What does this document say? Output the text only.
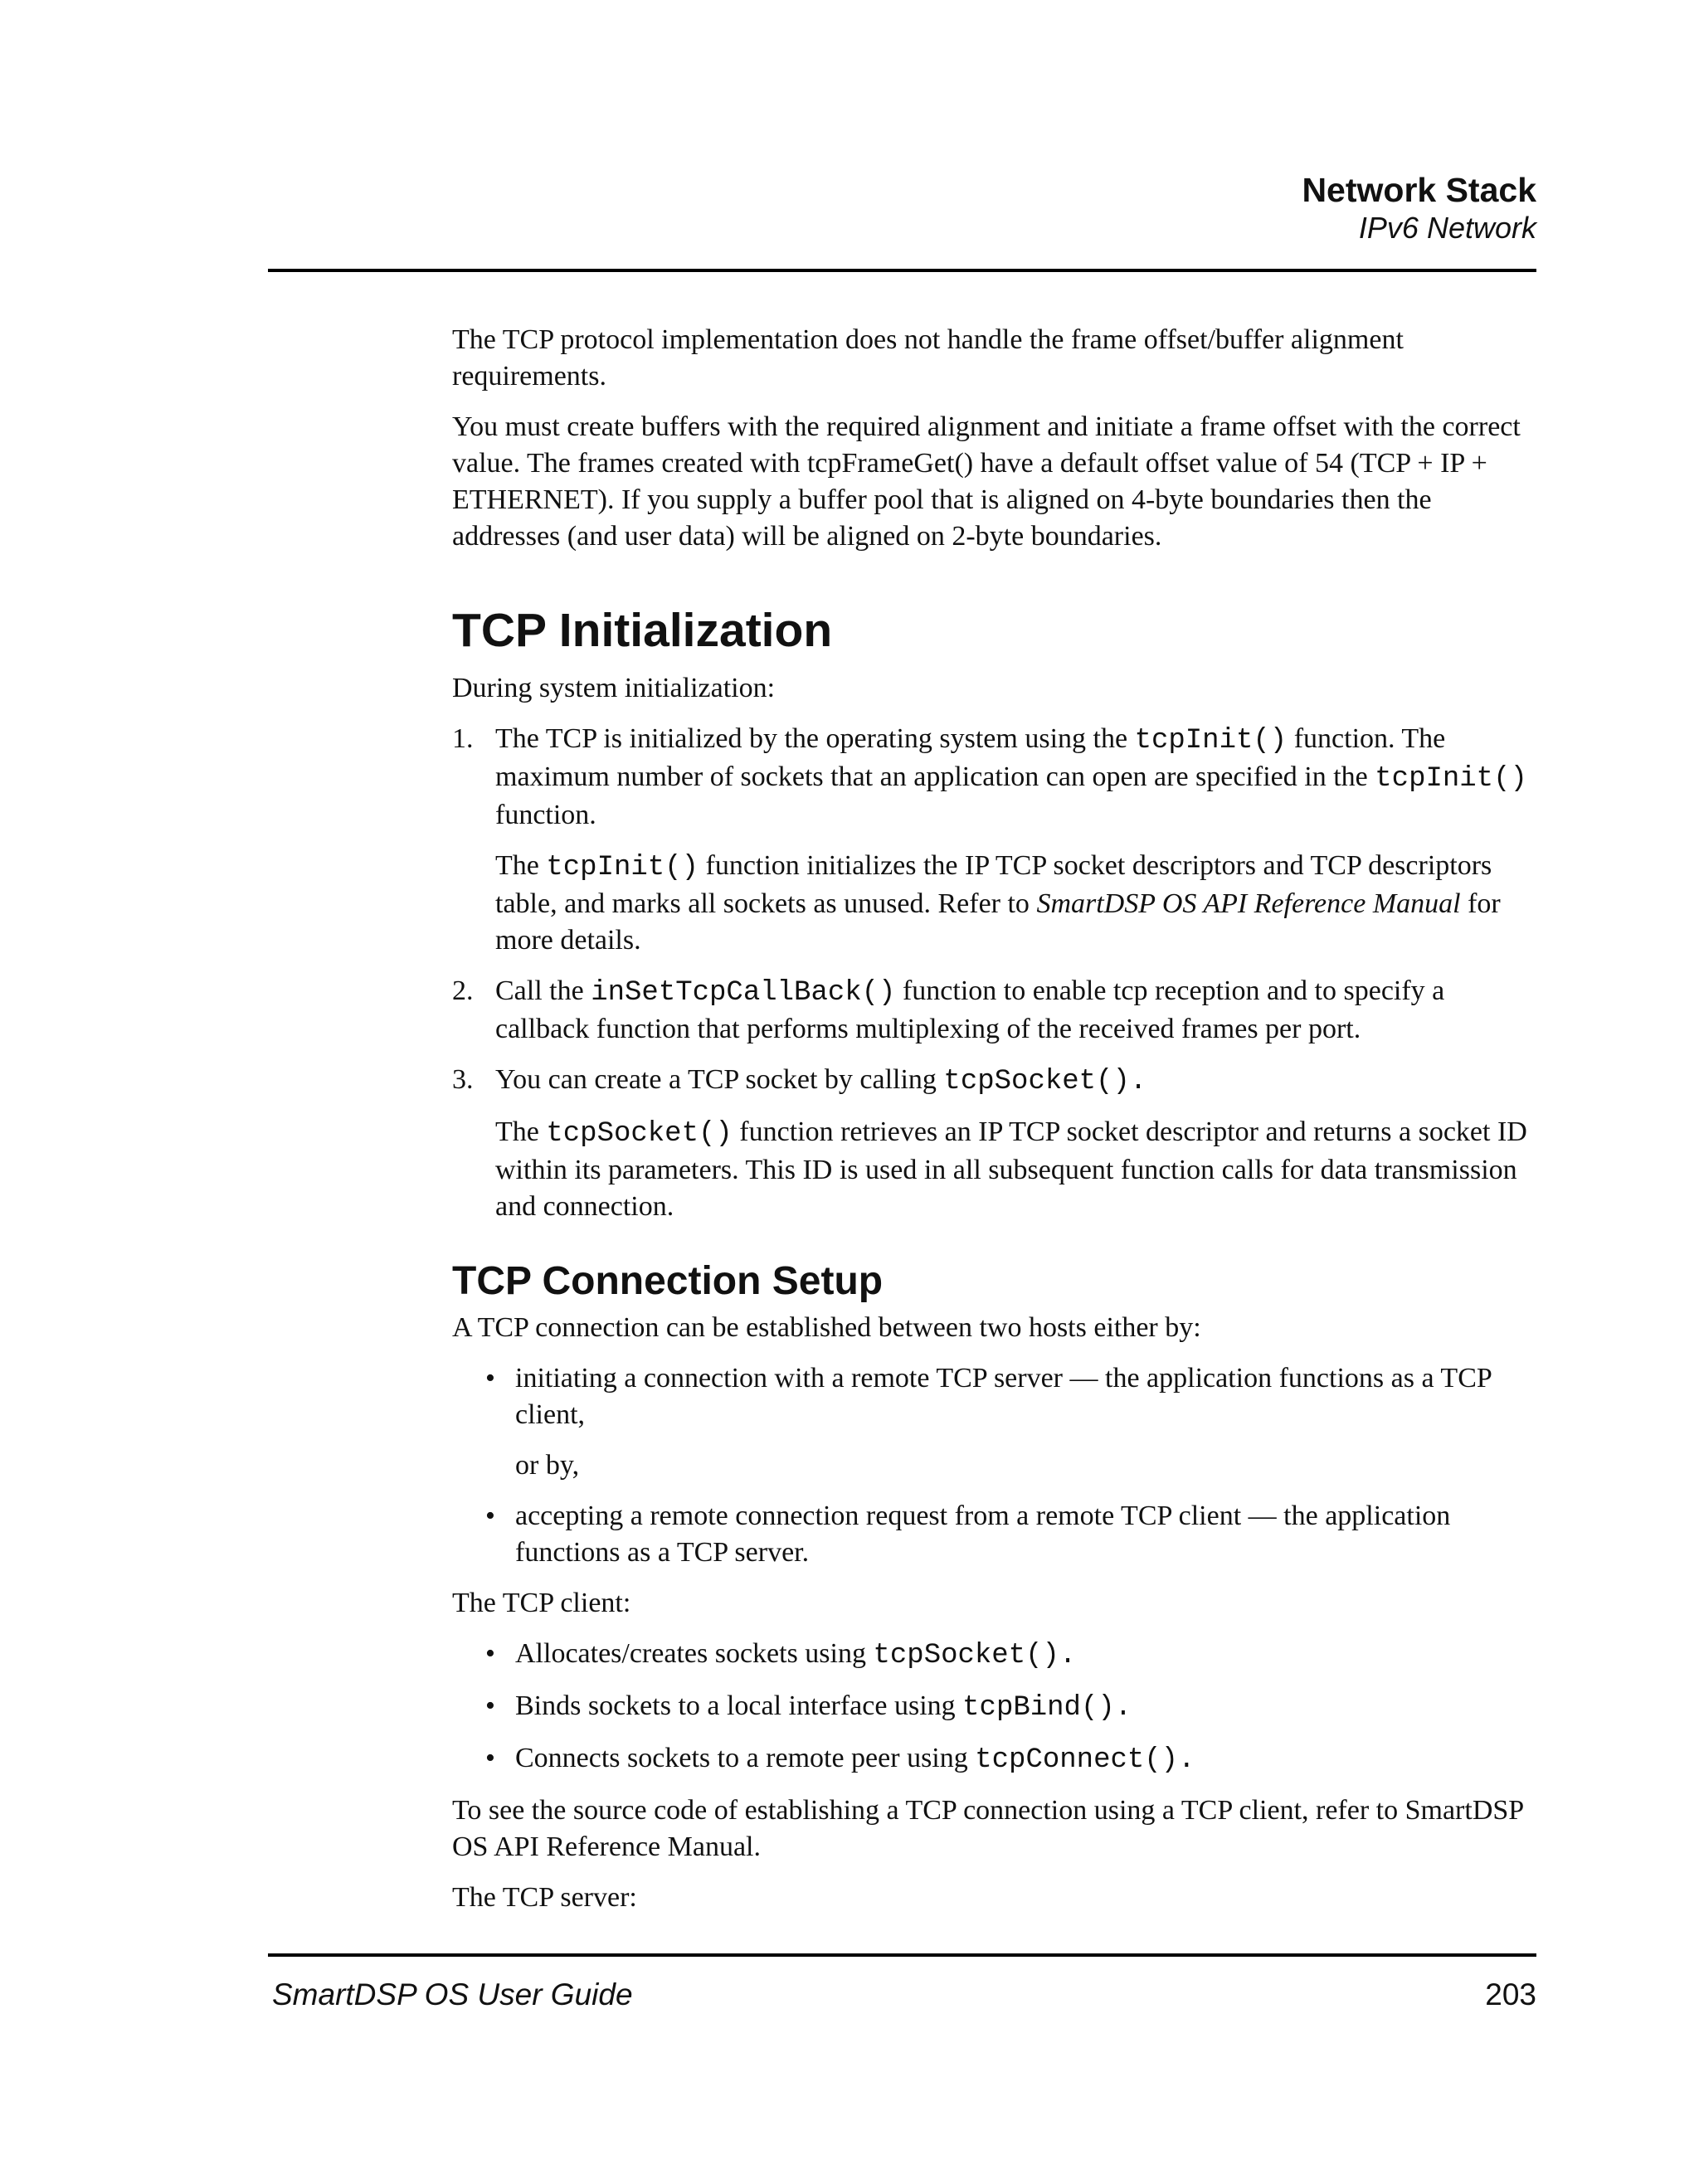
Network Stack
IPv6 Network

The TCP protocol implementation does not handle the frame offset/buffer alignment requirements.

You must create buffers with the required alignment and initiate a frame offset with the correct value. The frames created with tcpFrameGet() have a default offset value of 54 (TCP + IP + ETHERNET). If you supply a buffer pool that is aligned on 4-byte boundaries then the addresses (and user data) will be aligned on 2-byte boundaries.

TCP Initialization

During system initialization:

1. The TCP is initialized by the operating system using the tcpInit() function. The maximum number of sockets that an application can open are specified in the tcpInit() function.

The tcpInit() function initializes the IP TCP socket descriptors and TCP descriptors table, and marks all sockets as unused. Refer to SmartDSP OS API Reference Manual for more details.

2. Call the inSetTcpCallBack() function to enable tcp reception and to specify a callback function that performs multiplexing of the received frames per port.

3. You can create a TCP socket by calling tcpSocket().

The tcpSocket() function retrieves an IP TCP socket descriptor and returns a socket ID within its parameters. This ID is used in all subsequent function calls for data transmission and connection.

TCP Connection Setup

A TCP connection can be established between two hosts either by:

• initiating a connection with a remote TCP server — the application functions as a TCP client,

or by,

• accepting a remote connection request from a remote TCP client — the application functions as a TCP server.

The TCP client:

• Allocates/creates sockets using tcpSocket().

• Binds sockets to a local interface using tcpBind().

• Connects sockets to a remote peer using tcpConnect().

To see the source code of establishing a TCP connection using a TCP client, refer to SmartDSP OS API Reference Manual.

The TCP server:

SmartDSP OS User Guide	203
